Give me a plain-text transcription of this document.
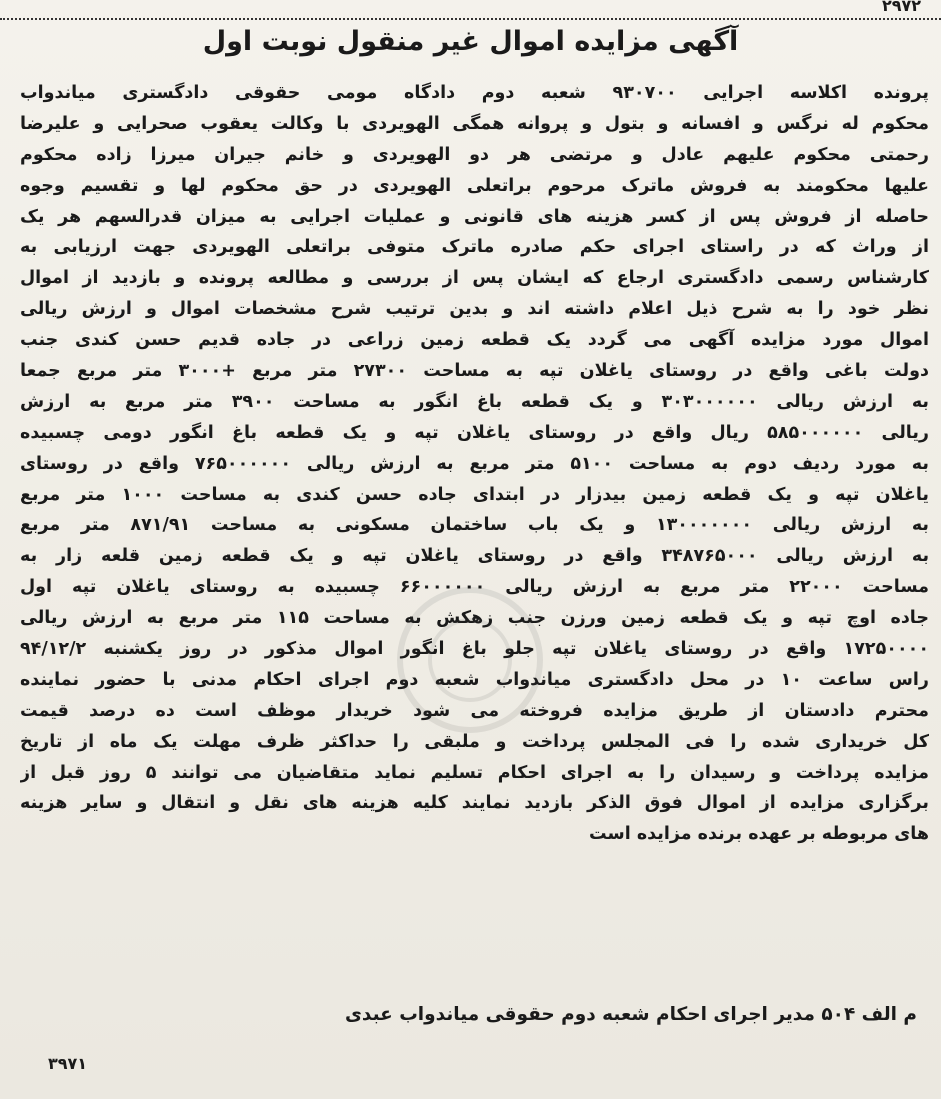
۲۹۷۲
آگهی مزایده اموال غیر منقول نوبت اول
پرونده اکلاسه اجرایی ۹۳۰۷۰۰ شعبه دوم دادگاه مومی حقوقی دادگستری میاندواب
محکوم له نرگس و افسانه و بتول و پروانه همگی الهویردی با وکالت یعقوب صحرایی و علیرضا
رحمتی محکوم علیهم عادل و مرتضی هر دو الهویردی و خانم جیران میرزا زاده محکوم
علیها محکومند به فروش ماترک مرحوم براتعلی الهویردی در حق محکوم لها و تقسیم وجوه
حاصله از فروش پس از کسر هزینه های قانونی و عملیات اجرایی به میزان قدرالسهم هر یک
از وراث که در راستای اجرای حکم صادره ماترک متوفی براتعلی الهویردی جهت ارزیابی به
کارشناس رسمی دادگستری ارجاع که ایشان پس از بررسی و مطالعه پرونده و بازدید از اموال
نظر خود را به شرح ذیل اعلام داشته اند و بدین ترتیب شرح مشخصات اموال و ارزش ریالی
اموال مورد مزایده آگهی می گردد یک قطعه زمین زراعی در جاده قدیم حسن کندی جنب
دولت باغی واقع در روستای یاغلان تپه به مساحت ۲۷۳۰۰ متر مربع +۳۰۰۰ متر مربع جمعا
به ارزش ریالی ۳۰۳۰۰۰۰۰۰ و یک قطعه باغ انگور به مساحت ۳۹۰۰ متر مربع به ارزش
ریالی ۵۸۵۰۰۰۰۰۰ ریال واقع در روستای یاغلان تپه و یک قطعه باغ انگور دومی چسبیده
به مورد ردیف دوم به مساحت ۵۱۰۰ متر مربع به ارزش ریالی ۷۶۵۰۰۰۰۰۰ واقع در روستای
یاغلان تپه و یک قطعه زمین بیدزار در ابتدای جاده حسن کندی به مساحت ۱۰۰۰ متر مربع
به ارزش ریالی ۱۳۰۰۰۰۰۰۰ و یک باب ساختمان مسکونی به مساحت ۸۷۱/۹۱ متر مربع
به ارزش ریالی ۳۴۸۷۶۵۰۰۰ واقع در روستای یاغلان تپه و یک قطعه زمین قلعه زار به
مساحت ۲۲۰۰۰ متر مربع به ارزش ریالی ۶۶۰۰۰۰۰۰ چسبیده به روستای یاغلان تپه اول
جاده اوچ تپه و یک قطعه زمین ورزن جنب زهکش به مساحت ۱۱۵ متر مربع به ارزش ریالی
۱۷۲۵۰۰۰۰ واقع در روستای یاغلان تپه جلو باغ انگور اموال مذکور در روز یکشنبه ۹۴/۱۲/۲
راس ساعت ۱۰ در محل دادگستری میاندواب شعبه دوم اجرای احکام مدنی با حضور نماینده
محترم دادستان از طریق مزایده فروخته می شود خریدار موظف است ده درصد قیمت
کل خریداری شده را فی المجلس پرداخت و ملبقی را حداکثر ظرف مهلت یک ماه از تاریخ
مزایده پرداخت و رسیدان را به اجرای احکام تسلیم نماید متقاضیان می توانند ۵ روز قبل از
برگزاری مزایده از اموال فوق الذکر بازدید نمایند کلیه هزینه های نقل و انتقال و سایر هزینه
های مربوطه بر عهده برنده مزایده است
م الف ۵۰۴ مدیر اجرای احکام شعبه دوم حقوقی میاندواب عبدی
۳۹۷۱
